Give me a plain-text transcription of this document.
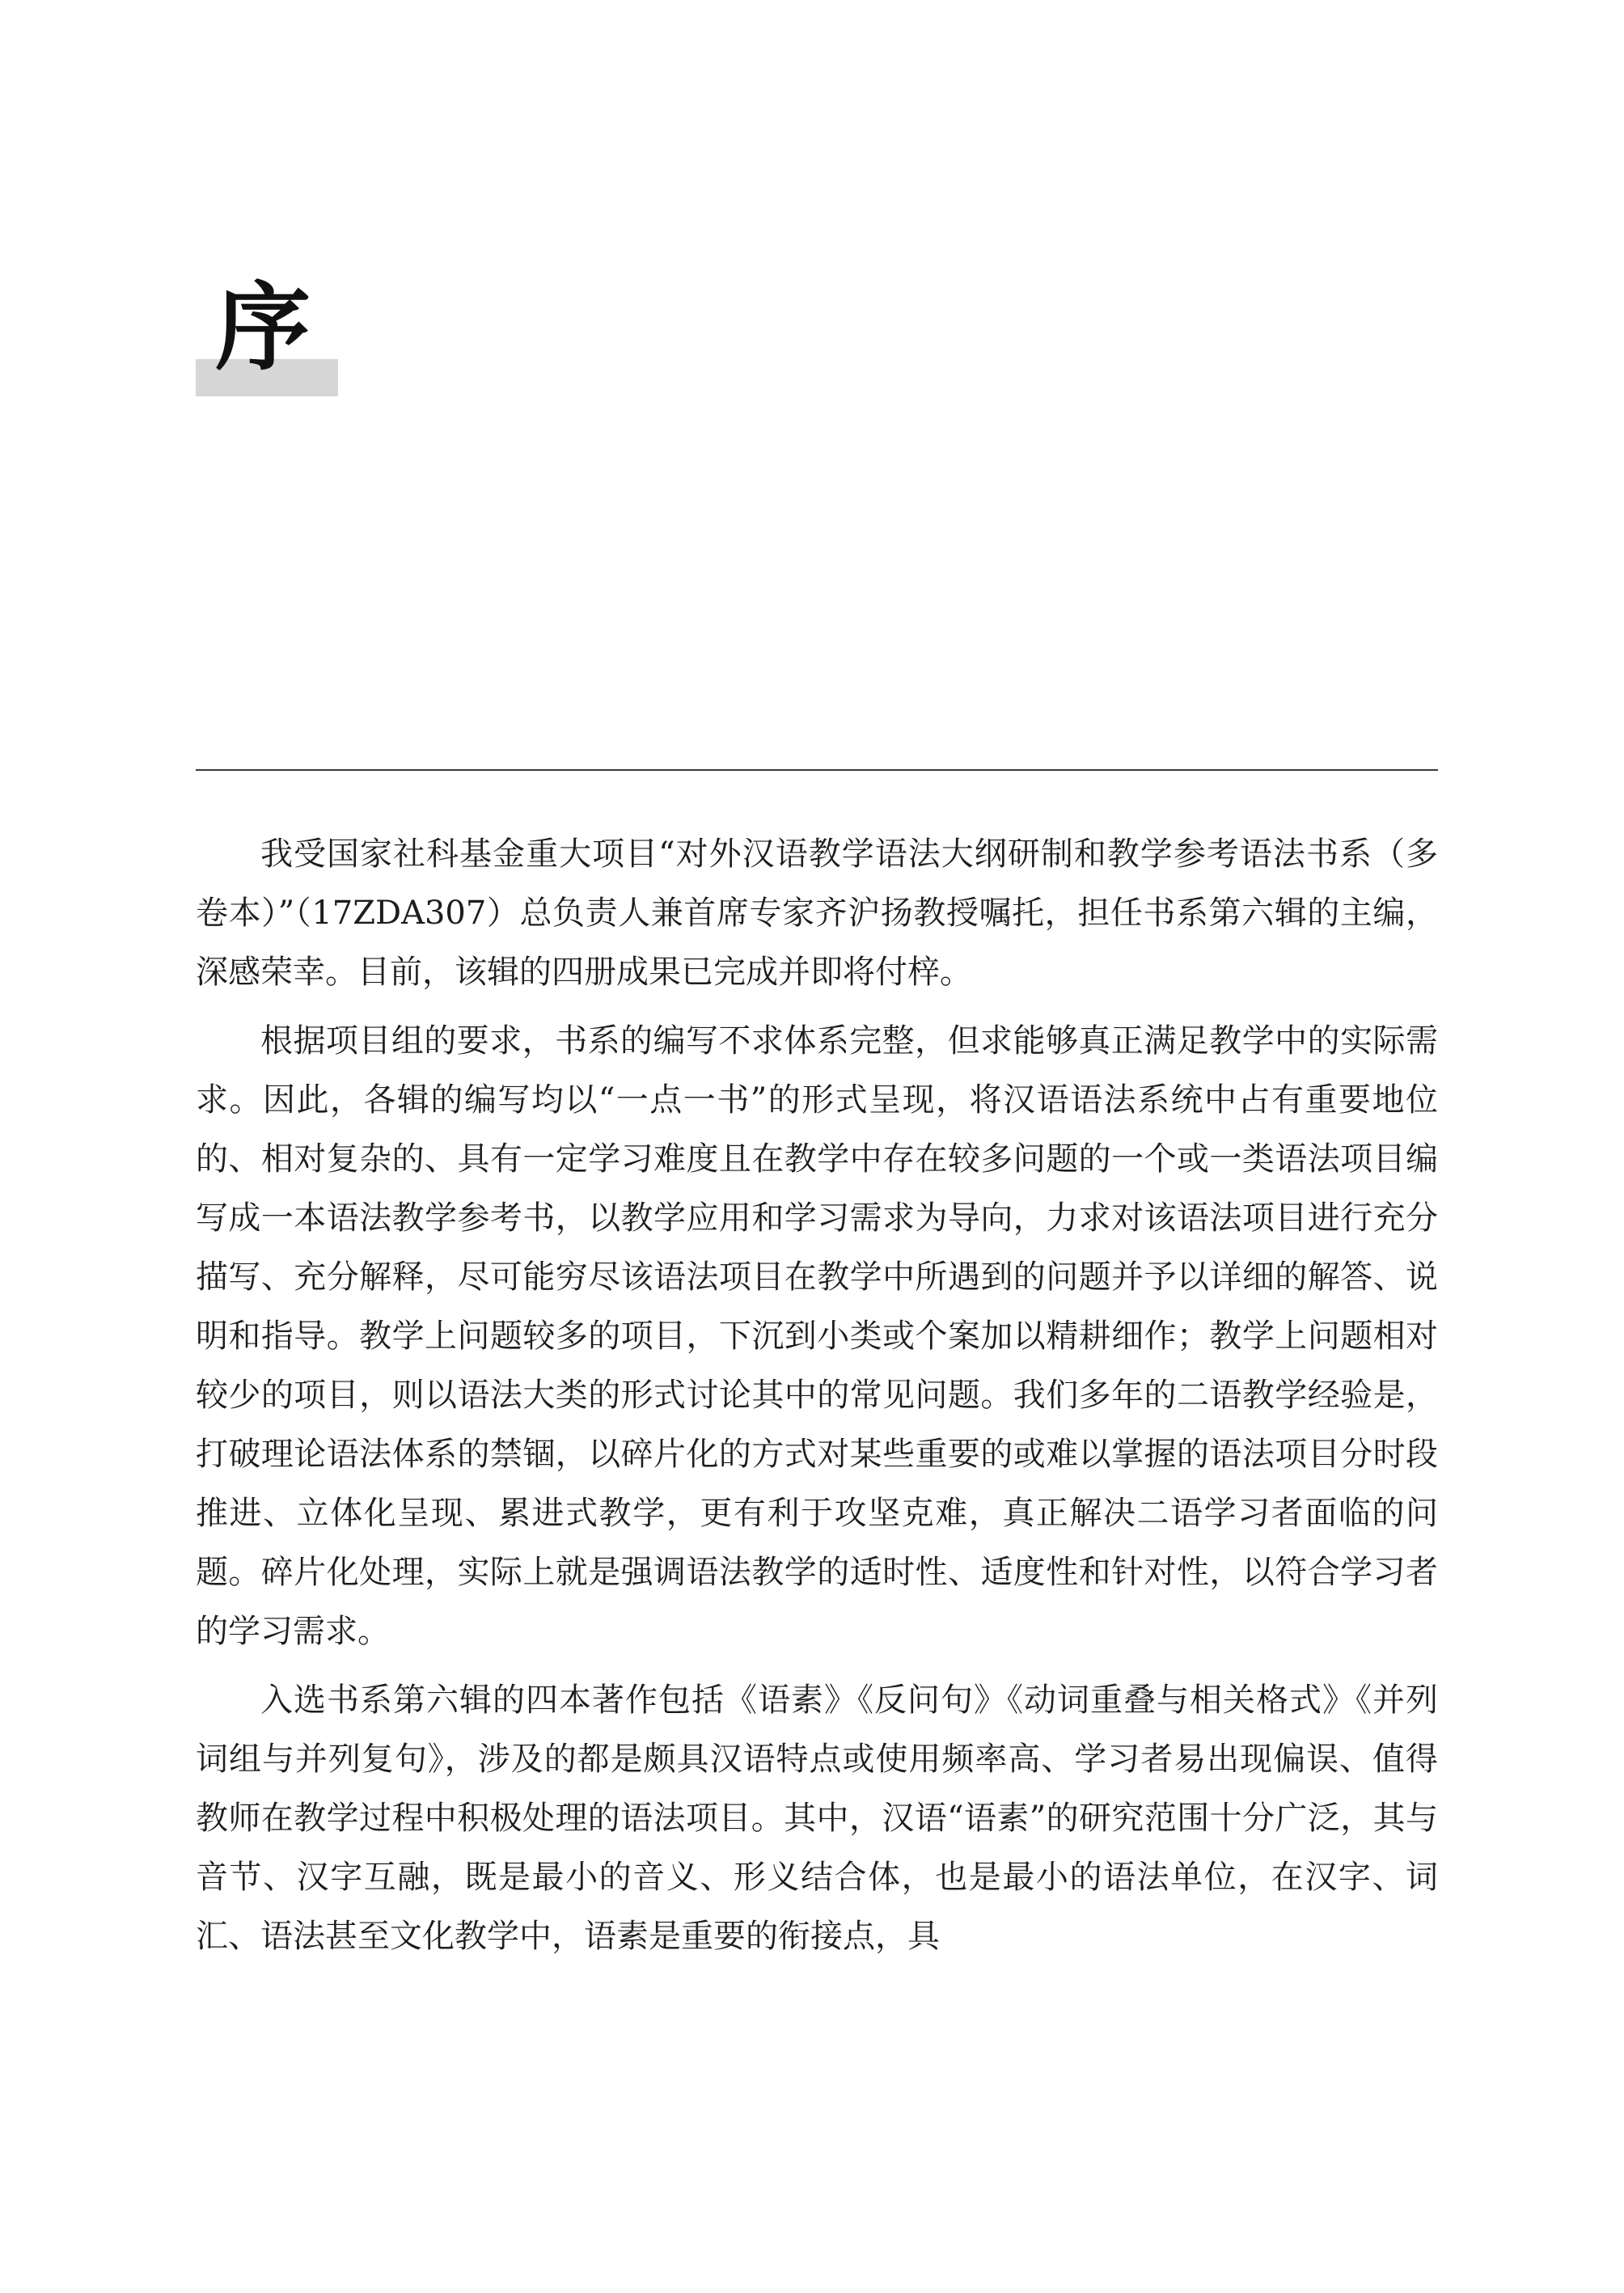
序

我受国家社科基金重大项目“对外汉语教学语法大纲研制和教学参考语法书系（多卷本）”（17ZDA307）总负责人兼首席专家齐沪扬教授嘱托，担任书系第六辑的主编，深感荣幸。目前，该辑的四册成果已完成并即将付梓。

根据项目组的要求，书系的编写不求体系完整，但求能够真正满足教学中的实际需求。因此，各辑的编写均以“一点一书”的形式呈现，将汉语语法系统中占有重要地位的、相对复杂的、具有一定学习难度且在教学中存在较多问题的一个或一类语法项目编写成一本语法教学参考书，以教学应用和学习需求为导向，力求对该语法项目进行充分描写、充分解释，尽可能穷尽该语法项目在教学中所遇到的问题并予以详细的解答、说明和指导。教学上问题较多的项目，下沉到小类或个案加以精耕细作；教学上问题相对较少的项目，则以语法大类的形式讨论其中的常见问题。我们多年的二语教学经验是，打破理论语法体系的禁锢，以碎片化的方式对某些重要的或难以掌握的语法项目分时段推进、立体化呈现、累进式教学，更有利于攻坚克难，真正解决二语学习者面临的问题。碎片化处理，实际上就是强调语法教学的适时性、适度性和针对性，以符合学习者的学习需求。

入选书系第六辑的四本著作包括《语素》《反问句》《动词重叠与相关格式》《并列词组与并列复句》，涉及的都是颇具汉语特点或使用频率高、学习者易出现偏误、值得教师在教学过程中积极处理的语法项目。其中，汉语“语素”的研究范围十分广泛，其与音节、汉字互融，既是最小的音义、形义结合体，也是最小的语法单位，在汉字、词汇、语法甚至文化教学中，语素是重要的衔接点，具
